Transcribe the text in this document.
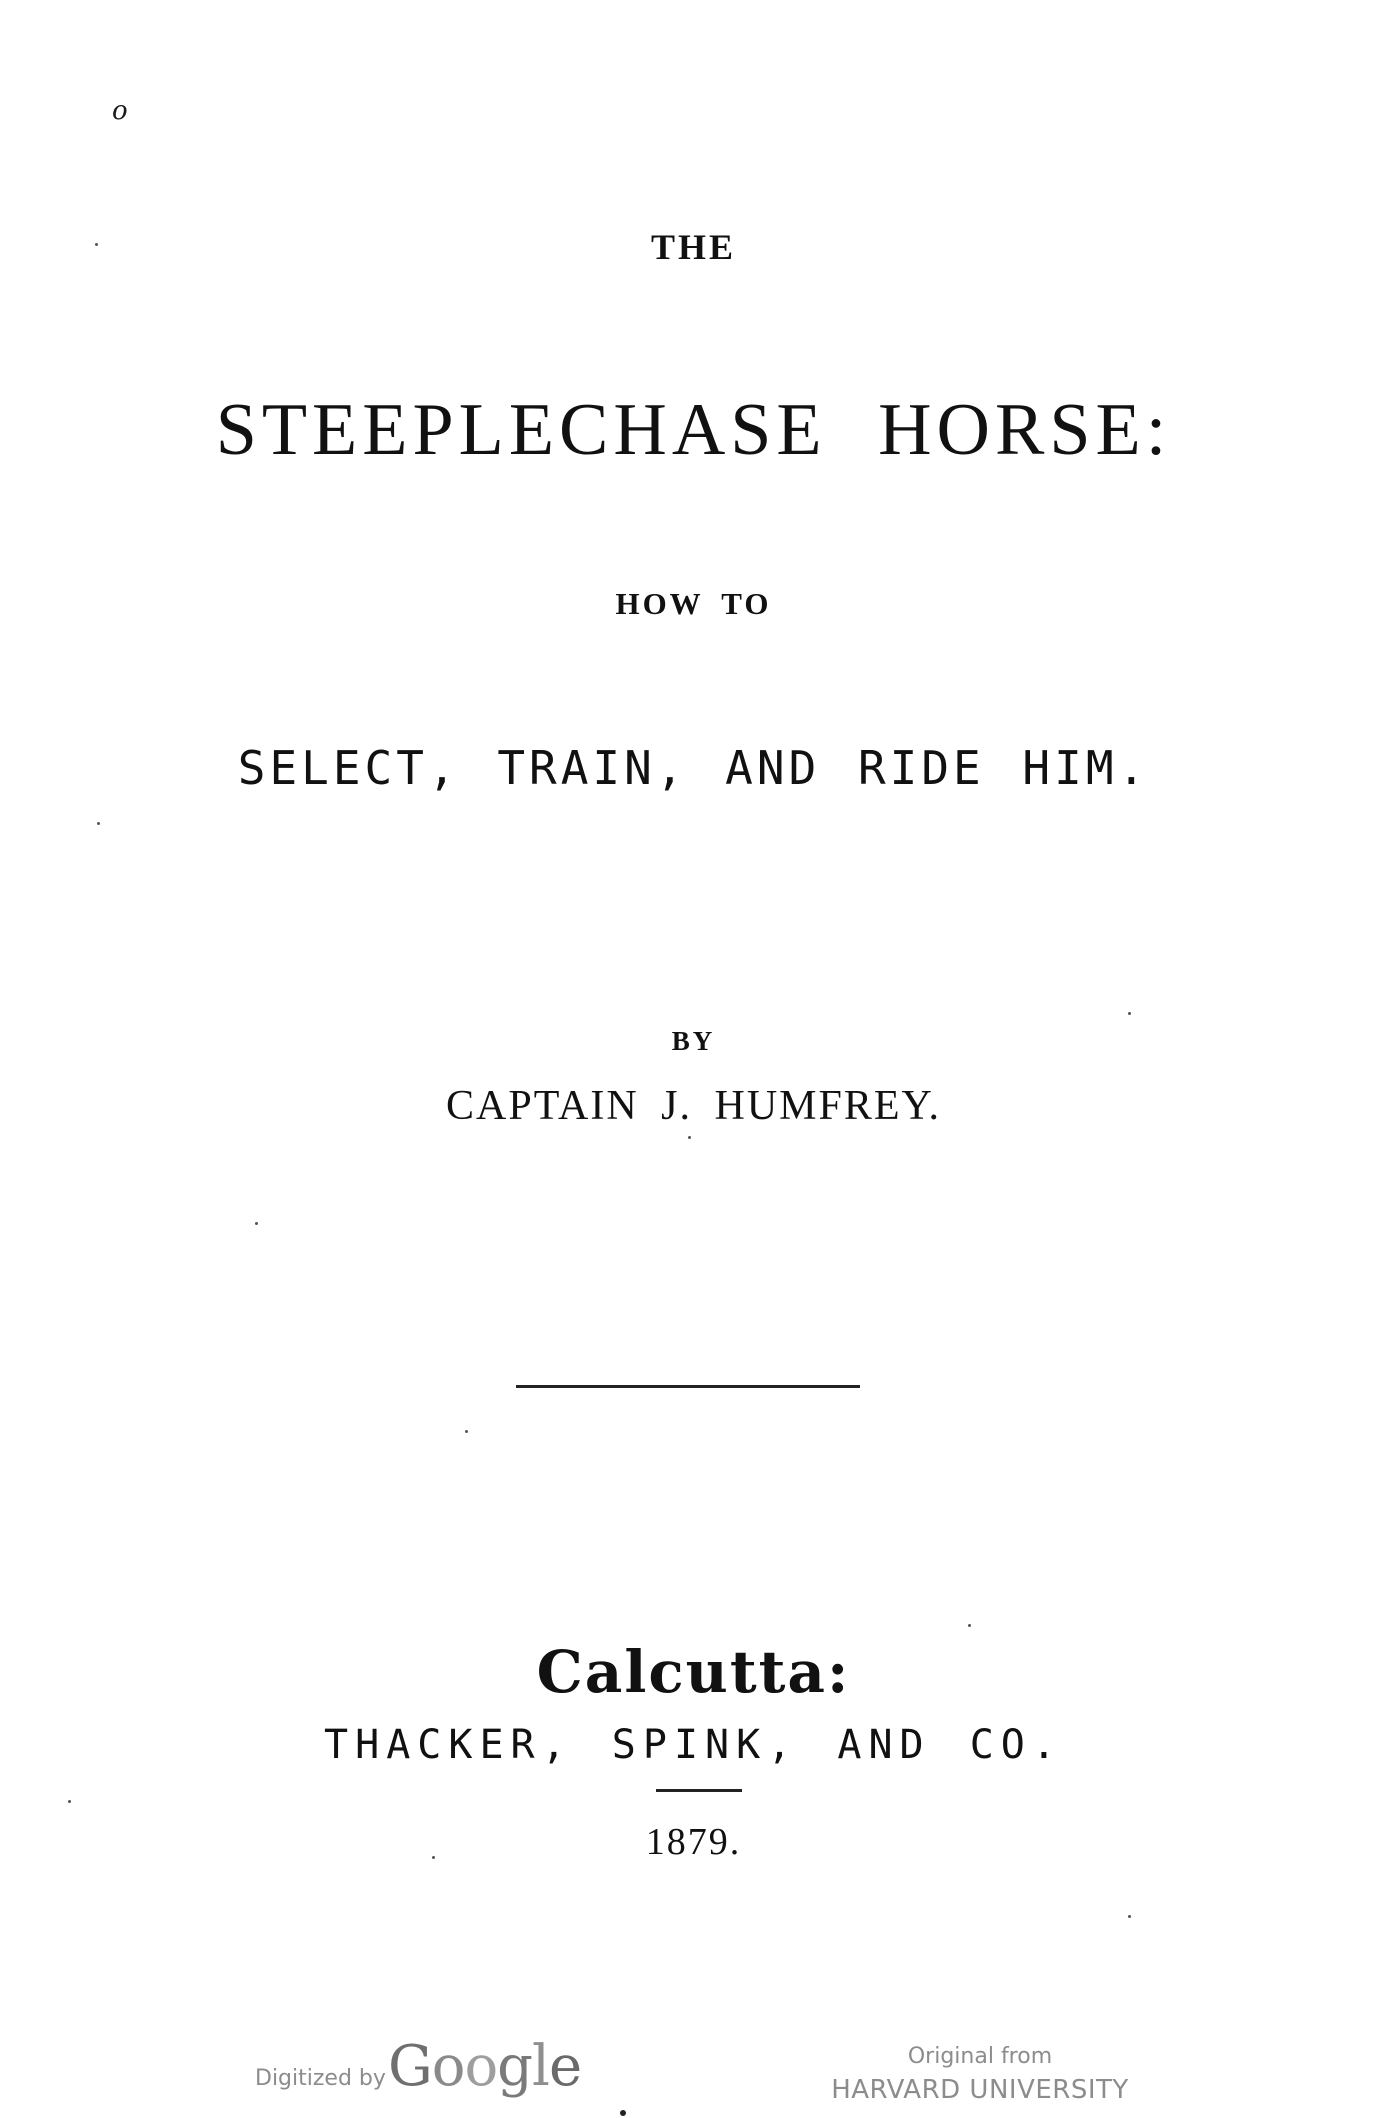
o
THE
STEEPLECHASE HORSE:
HOW TO
SELECT, TRAIN, AND RIDE HIM.
BY
CAPTAIN J. HUMFREY.
Calcutta:
THACKER, SPINK, AND CO.
1879.
Digitized by Google	Original from
HARVARD UNIVERSITY
